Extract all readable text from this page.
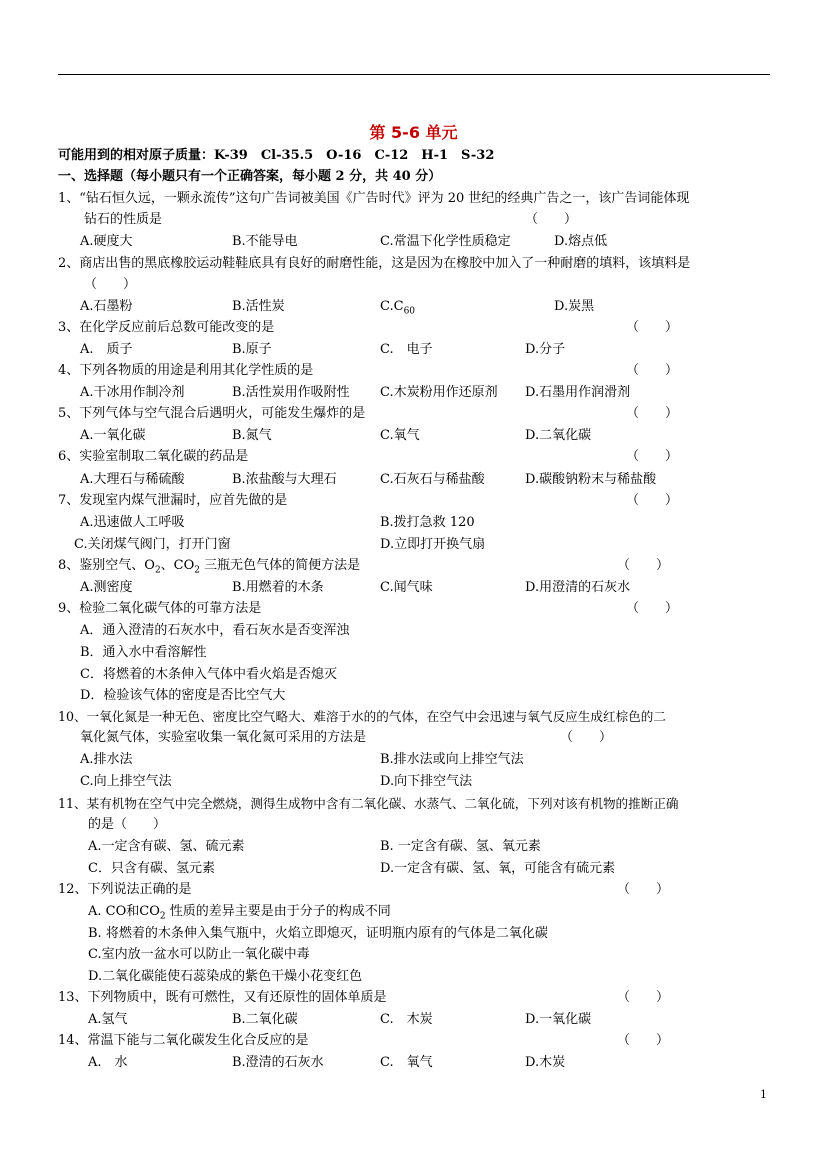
第 5-6 单元
可能用到的相对原子质量：K-39　Cl-35.5　O-16　C-12　H-1　S-32
一、选择题（每小题只有一个正确答案，每小题 2 分，共 40 分）
1、“钻石恒久远，一颗永流传”这句广告词被美国《广告时代》评为 20 世纪的经典广告之一，该广告词能体现
钻石的性质是	（　　）
A.硬度大	B.不能导电	C.常温下化学性质稳定	D.熔点低
2、商店出售的黑底橡胶运动鞋鞋底具有良好的耐磨性能，这是因为在橡胶中加入了一种耐磨的填料，该填料是
（　　）
A.石墨粉	B.活性炭	$C.C_{60}$	D.炭黑
3、在化学反应前后总数可能改变的是	（　　）
A.　质子	B.原子	C.　电子	D.分子
4、下列各物质的用途是利用其化学性质的是	（　　）
A.干冰用作制冷剂	B.活性炭用作吸附性 C.木炭粉用作还原剂 D.石墨用作润滑剂
5、下列气体与空气混合后遇明火，可能发生爆炸的是	（　　）
A.一氧化碳	B.氮气	C.氧气	D.二氧化碳
6、实验室制取二氧化碳的药品是	（　　）
A.大理石与稀硫酸	B.浓盐酸与大理石	C.石灰石与稀盐酸	D.碳酸钠粉末与稀盐酸
7、发现室内煤气泄漏时，应首先做的是	（　　）
A.迅速做人工呼吸	B.拨打急救 120
C.关闭煤气阀门，打开门窗	D.立即打开换气扇
8、鉴别空气、$O_2$、$CO_2$ 三瓶无色气体的简便方法是	（　　）
A.测密度	B.用燃着的木条	C.闻气味	D.用澄清的石灰水
9、检验二氧化碳气体的可靠方法是	（　　）
A．通入澄清的石灰水中，看石灰水是否变浑浊
B．通入水中看溶解性
C．将燃着的木条伸入气体中看火焰是否熄灭
D．检验该气体的密度是否比空气大
10、一氧化氮是一种无色、密度比空气略大、难溶于水的的气体，在空气中会迅速与氧气反应生成红棕色的二
氧化氮气体，实验室收集一氧化氮可采用的方法是	（　　）
A.排水法	B.排水法或向上排空气法
C.向上排空气法	D.向下排空气法
11、某有机物在空气中完全燃烧，测得生成物中含有二氧化碳、水蒸气、二氧化硫，下列对该有机物的推断正确
的是（　　）
A.一定含有碳、氢、硫元素	B. 一定含有碳、氢、氧元素
C．只含有碳、氢元素	D.一定含有碳、氢、氧，可能含有硫元素
12、下列说法正确的是	（　　）
A. CO和$CO_2$ 性质的差异主要是由于分子的构成不同
B. 将燃着的木条伸入集气瓶中，火焰立即熄灭，证明瓶内原有的气体是二氧化碳
C.室内放一盆水可以防止一氧化碳中毒
D.二氧化碳能使石蕊染成的紫色干燥小花变红色
13、下列物质中，既有可燃性，又有还原性的固体单质是	（　　）
A.氢气	B.二氧化碳	C.　木炭	D.一氧化碳
14、常温下能与二氧化碳发生化合反应的是	（　　）
A.　水	B.澄清的石灰水	C.　氧气	D.木炭
1
